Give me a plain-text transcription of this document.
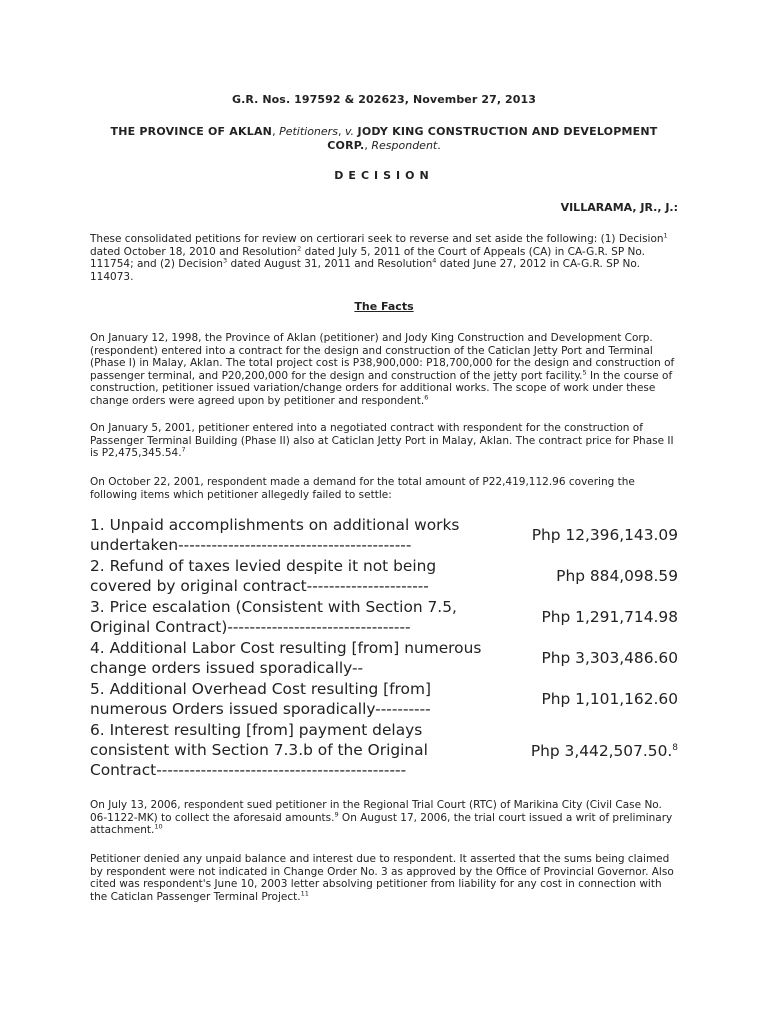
G.R. Nos. 197592 & 202623, November 27, 2013
THE PROVINCE OF AKLAN, Petitioners, v. JODY KING CONSTRUCTION AND DEVELOPMENT
CORP., Respondent.
DECISION
VILLARAMA, JR., J.:

These consolidated petitions for review on certiorari seek to reverse and set aside the following: (1) Decision$^1$ dated October 18, 2010 and Resolution$^2$ dated July 5, 2011 of the Court of Appeals (CA) in CA-G.R. SP No. 111754; and (2) Decision$^3$ dated August 31, 2011 and Resolution$^4$ dated June 27, 2012 in CA-G.R. SP No. 114073.

The Facts

On January 12, 1998, the Province of Aklan (petitioner) and Jody King Construction and Development Corp. (respondent) entered into a contract for the design and construction of the Caticlan Jetty Port and Terminal (Phase I) in Malay, Aklan. The total project cost is P38,900,000: P18,700,000 for the design and construction of passenger terminal, and P20,200,000 for the design and construction of the jetty port facility.$^5$ In the course of construction, petitioner issued variation/change orders for additional works. The scope of work under these change orders were agreed upon by petitioner and respondent.$^6$

On January 5, 2001, petitioner entered into a negotiated contract with respondent for the construction of Passenger Terminal Building (Phase II) also at Caticlan Jetty Port in Malay, Aklan. The contract price for Phase II is P2,475,345.54.$^7$

On October 22, 2001, respondent made a demand for the total amount of P22,419,112.96 covering the following items which petitioner allegedly failed to settle:

1. Unpaid accomplishments on additional works undertaken------------------------------------------
Php 12,396,143.09
2. Refund of taxes levied despite it not being covered by original contract----------------------
Php 884,098.59
3. Price escalation (Consistent with Section 7.5, Original Contract)---------------------------------
Php 1,291,714.98
4. Additional Labor Cost resulting [from] numerous change orders issued sporadically--
Php 3,303,486.60
5. Additional Overhead Cost resulting [from] numerous Orders issued sporadically----------
Php 1,101,162.60
6. Interest resulting [from] payment delays consistent with Section 7.3.b of the Original Contract---------------------------------------------
Php 3,442,507.50.$^8$

On July 13, 2006, respondent sued petitioner in the Regional Trial Court (RTC) of Marikina City (Civil Case No. 06-1122-MK) to collect the aforesaid amounts.$^9$ On August 17, 2006, the trial court issued a writ of preliminary attachment.$^{10}$

Petitioner denied any unpaid balance and interest due to respondent. It asserted that the sums being claimed by respondent were not indicated in Change Order No. 3 as approved by the Office of Provincial Governor. Also cited was respondent's June 10, 2003 letter absolving petitioner from liability for any cost in connection with the Caticlan Passenger Terminal Project.$^{11}$
